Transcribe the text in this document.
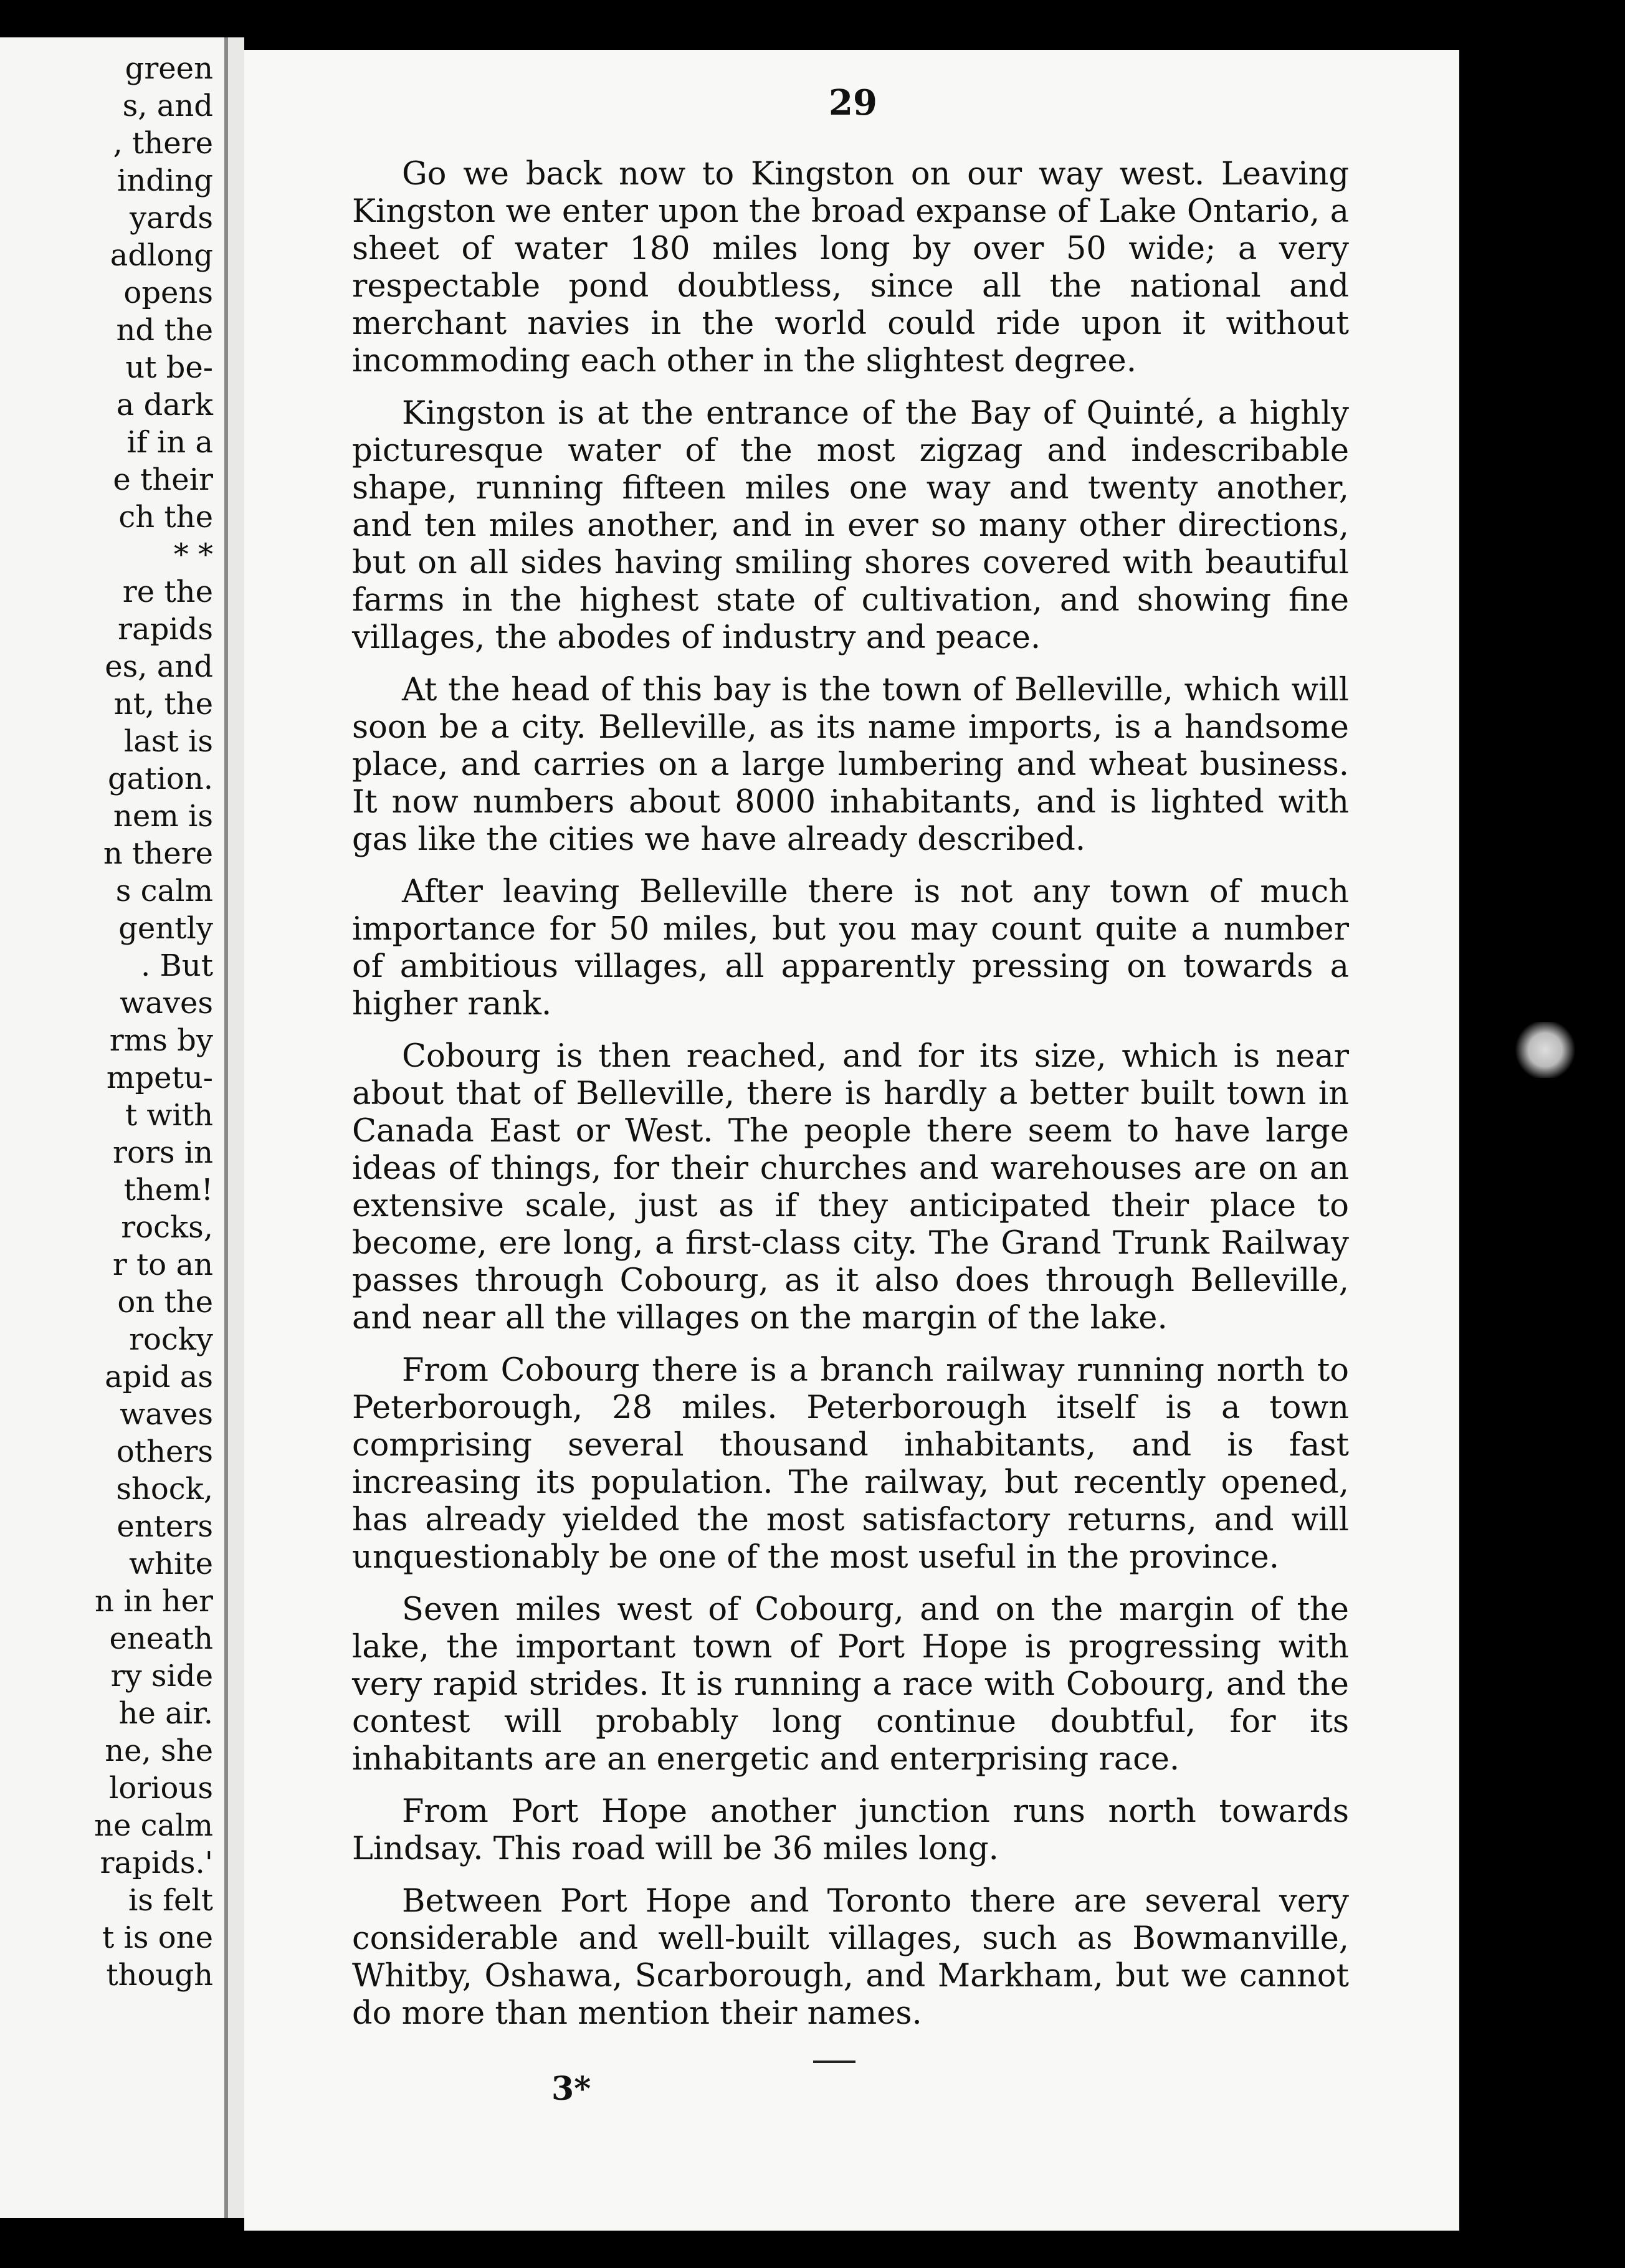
green
s, and
, there
inding
yards
adlong
opens
nd the
ut be-
a dark
if in a
e their
ch the
* *
re the
rapids
es, and
nt, the
last is
gation.
nem is
n there
s calm
gently
. But
waves
rms by
mpetu-
t with
rors in
them!
rocks,
r to an
on the
rocky
apid as
waves
others
shock,
enters
white
n in her
eneath
ry side
he air.
ne, she
lorious
ne calm
rapids.'
is felt
t is one
though
29

Go we back now to Kingston on our way west. Leaving Kingston we enter upon the broad expanse of Lake Ontario, a sheet of water 180 miles long by over 50 wide; a very respectable pond doubtless, since all the national and merchant navies in the world could ride upon it without incommoding each other in the slightest degree.

Kingston is at the entrance of the Bay of Quinté, a highly picturesque water of the most zigzag and indescribable shape, running fifteen miles one way and twenty another, and ten miles another, and in ever so many other directions, but on all sides having smiling shores covered with beautiful farms in the highest state of cultivation, and showing fine villages, the abodes of industry and peace.

At the head of this bay is the town of Belleville, which will soon be a city. Belleville, as its name imports, is a handsome place, and carries on a large lumbering and wheat business. It now numbers about 8000 inhabitants, and is lighted with gas like the cities we have already described.

After leaving Belleville there is not any town of much importance for 50 miles, but you may count quite a number of ambitious villages, all apparently pressing on towards a higher rank.

Cobourg is then reached, and for its size, which is near about that of Belleville, there is hardly a better built town in Canada East or West. The people there seem to have large ideas of things, for their churches and warehouses are on an extensive scale, just as if they anticipated their place to become, ere long, a first-class city. The Grand Trunk Railway passes through Cobourg, as it also does through Belleville, and near all the villages on the margin of the lake.

From Cobourg there is a branch railway running north to Peterborough, 28 miles. Peterborough itself is a town comprising several thousand inhabitants, and is fast increasing its population. The railway, but recently opened, has already yielded the most satisfactory returns, and will unquestionably be one of the most useful in the province.

Seven miles west of Cobourg, and on the margin of the lake, the important town of Port Hope is progressing with very rapid strides. It is running a race with Cobourg, and the contest will probably long continue doubtful, for its inhabitants are an energetic and enterprising race.

From Port Hope another junction runs north towards Lindsay. This road will be 36 miles long.

Between Port Hope and Toronto there are several very considerable and well-built villages, such as Bowmanville, Whitby, Oshawa, Scarborough, and Markham, but we cannot do more than mention their names.

3*
